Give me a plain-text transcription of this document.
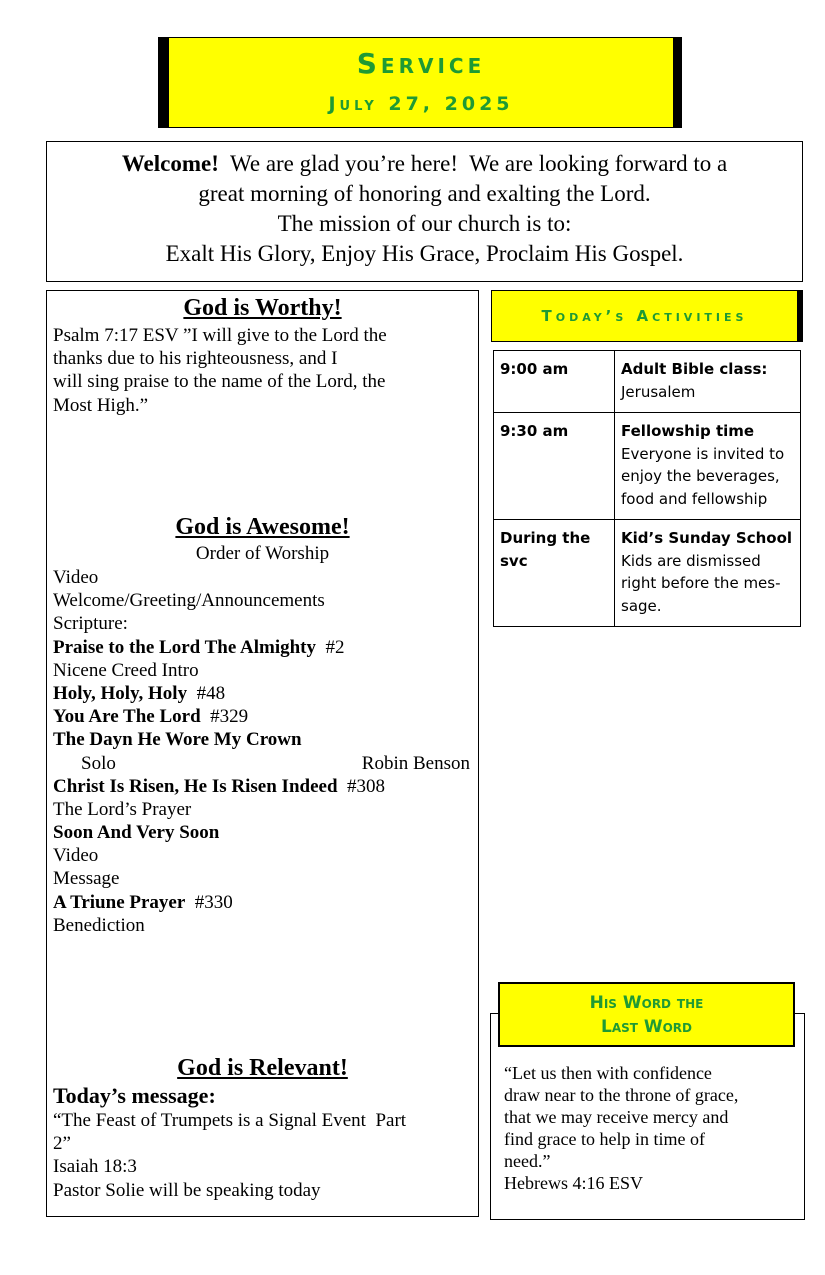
Service
July 27, 2025
Welcome!  We are glad you’re here!  We are looking forward to a
great morning of honoring and exalting the Lord.
The mission of our church is to:
Exalt His Glory, Enjoy His Grace, Proclaim His Gospel.
God is Worthy!
Psalm 7:17 ESV ”I will give to the Lord the
thanks due to his righteousness, and I
will sing praise to the name of the Lord, the
Most High.”
God is Awesome!
Order of Worship
Video
Welcome/Greeting/Announcements
Scripture:
Praise to the Lord The Almighty  #2
Nicene Creed Intro
Holy, Holy, Holy  #48
You Are The Lord  #329
The Dayn He Wore My Crown
Solo	Robin Benson
Christ Is Risen, He Is Risen Indeed  #308
The Lord’s Prayer
Soon And Very Soon
Video
Message
A Triune Prayer  #330
Benediction
God is Relevant!
Today’s message:
“The Feast of Trumpets is a Signal Event  Part
2”
Isaiah 18:3
Pastor Solie will be speaking today
Today’s Activities
9:00 am	Adult Bible class:
Jerusalem
9:30 am	Fellowship time
Everyone is invited to
enjoy the beverages,
food and fellowship
During the
svc	Kid’s Sunday School
Kids are dismissed
right before the mes-
sage.
His Word the
Last Word
“Let us then with confidence
draw near to the throne of grace,
that we may receive mercy and
find grace to help in time of
need.”
Hebrews 4:16 ESV
